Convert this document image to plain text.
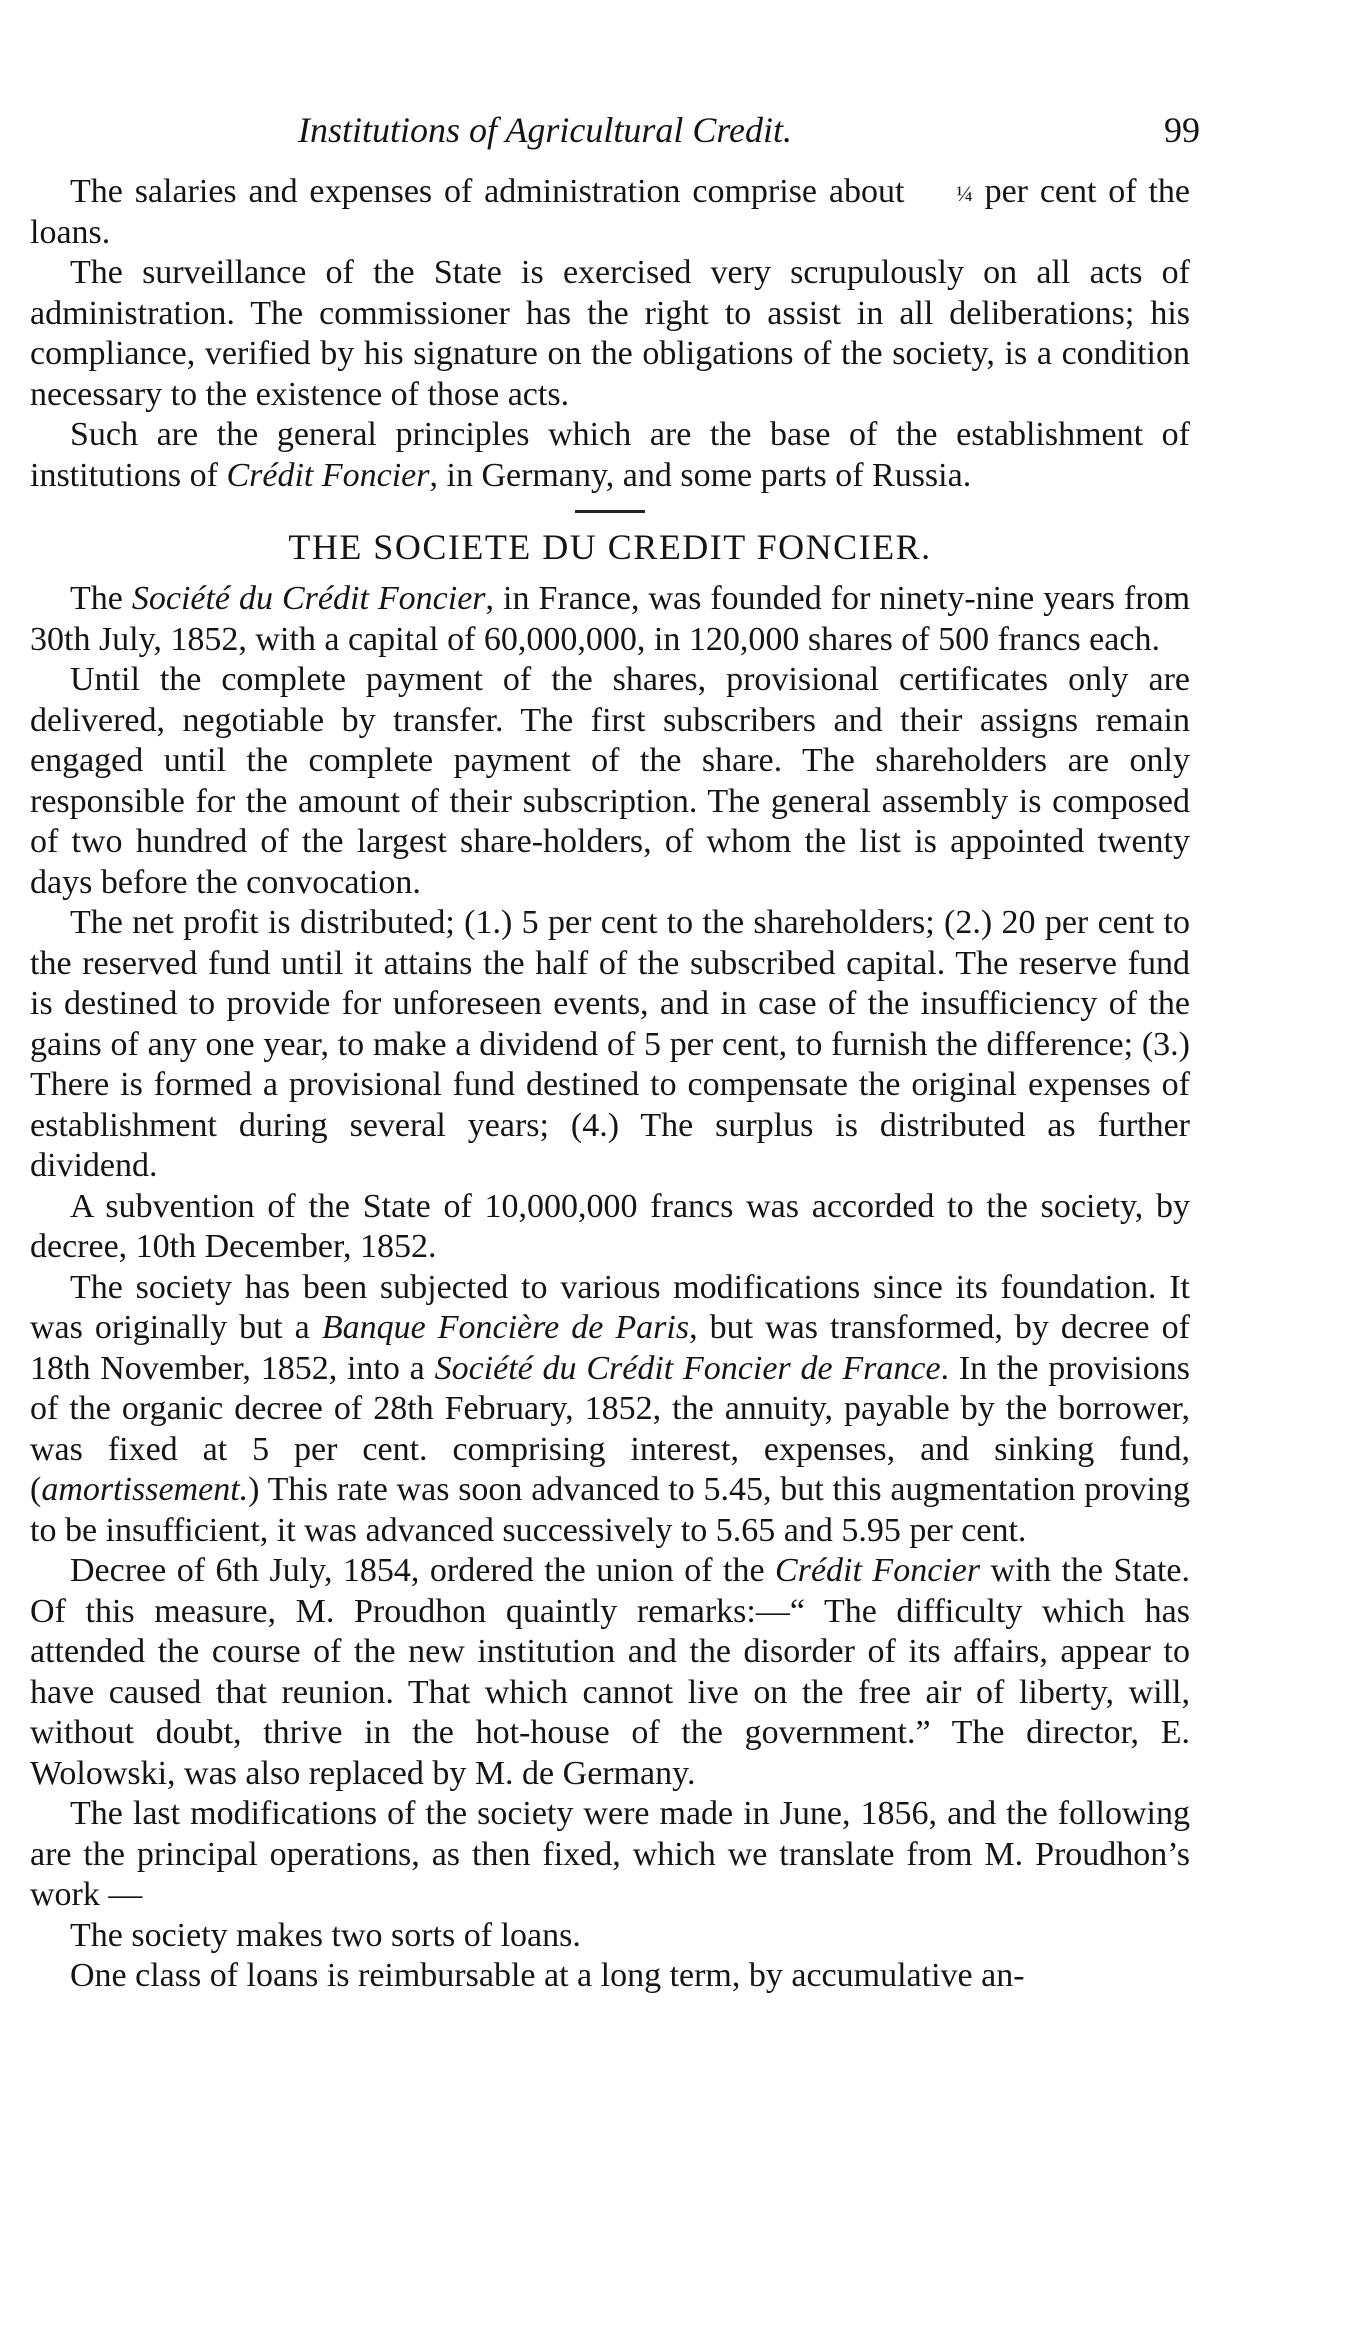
Institutions of Agricultural Credit.	99

The salaries and expenses of administration comprise about ¼ per cent of the loans.

The surveillance of the State is exercised very scrupulously on all acts of administration. The commissioner has the right to assist in all deliberations; his compliance, verified by his signature on the obligations of the society, is a condition necessary to the existence of those acts.

Such are the general principles which are the base of the establishment of institutions of Crédit Foncier, in Germany, and some parts of Russia.

THE SOCIETE DU CREDIT FONCIER.

The Société du Crédit Foncier, in France, was founded for ninety-nine years from 30th July, 1852, with a capital of 60,000,000, in 120,000 shares of 500 francs each.

Until the complete payment of the shares, provisional certificates only are delivered, negotiable by transfer. The first subscribers and their assigns remain engaged until the complete payment of the share. The shareholders are only responsible for the amount of their subscription. The general assembly is composed of two hundred of the largest share-holders, of whom the list is appointed twenty days before the convocation.

The net profit is distributed; (1.) 5 per cent to the shareholders; (2.) 20 per cent to the reserved fund until it attains the half of the subscribed capital. The reserve fund is destined to provide for unforeseen events, and in case of the insufficiency of the gains of any one year, to make a dividend of 5 per cent, to furnish the difference; (3.) There is formed a provisional fund destined to compensate the original expenses of establishment during several years; (4.) The surplus is distributed as further dividend.

A subvention of the State of 10,000,000 francs was accorded to the society, by decree, 10th December, 1852.

The society has been subjected to various modifications since its foundation. It was originally but a Banque Foncière de Paris, but was transformed, by decree of 18th November, 1852, into a Société du Crédit Foncier de France. In the provisions of the organic decree of 28th February, 1852, the annuity, payable by the borrower, was fixed at 5 per cent. comprising interest, expenses, and sinking fund, (amortissement.) This rate was soon advanced to 5.45, but this augmentation proving to be insufficient, it was advanced successively to 5.65 and 5.95 per cent.

Decree of 6th July, 1854, ordered the union of the Crédit Foncier with the State. Of this measure, M. Proudhon quaintly remarks:—“ The difficulty which has attended the course of the new institution and the disorder of its affairs, appear to have caused that reunion. That which cannot live on the free air of liberty, will, without doubt, thrive in the hot-house of the government.” The director, E. Wolowski, was also replaced by M. de Germany.

The last modifications of the society were made in June, 1856, and the following are the principal operations, as then fixed, which we translate from M. Proudhon’s work —

The society makes two sorts of loans.

One class of loans is reimbursable at a long term, by accumulative an-
